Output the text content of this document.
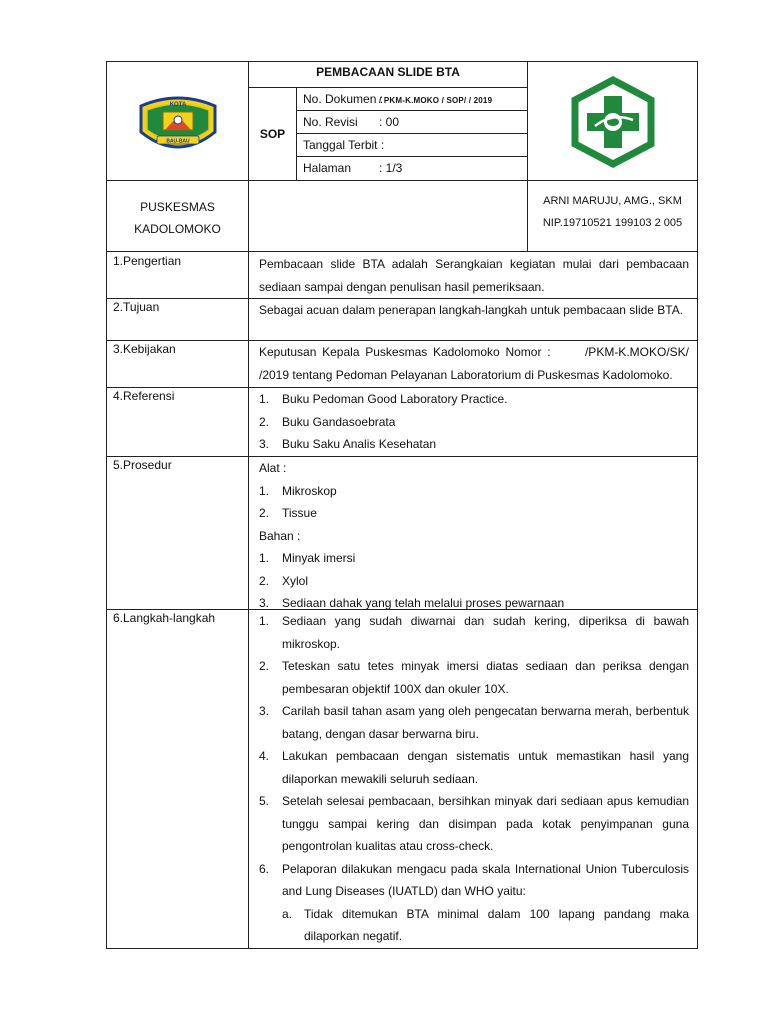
KOTA
BAU-BAU
PEMBACAAN SLIDE BTA
SOP
No. Dokumen :/ PKM-K.MOKO / SOP/ / 2019
No. Revisi : 00
Tanggal Terbit :
Halaman : 1/3
PUSKESMAS
KADOLOMOKO
ARNI MARUJU, AMG., SKM
NIP.19710521 199103 2 005
1.Pengertian	Pembacaan slide BTA adalah Serangkaian kegiatan mulai dari pembacaan sediaan sampai dengan penulisan hasil pemeriksaan.
2.Tujuan	Sebagai acuan dalam penerapan langkah-langkah untuk pembacaan slide BTA.
3.Kebijakan	Keputusan Kepala Puskesmas Kadolomoko Nomor :      /PKM-K.MOKO/SK/ /2019 tentang Pedoman Pelayanan Laboratorium di Puskesmas Kadolomoko.
4.Referensi	1. Buku Pedoman Good Laboratory Practice.
2. Buku Gandasoebrata
3. Buku Saku Analis Kesehatan
5.Prosedur	Alat :
1. Mikroskop
2. Tissue
Bahan :
1. Minyak imersi
2. Xylol
3. Sediaan dahak yang telah melalui proses pewarnaan
6.Langkah-langkah	1. Sediaan yang sudah diwarnai dan sudah kering, diperiksa di bawah mikroskop.
2. Teteskan satu tetes minyak imersi diatas sediaan dan periksa dengan pembesaran objektif 100X dan okuler 10X.
3. Carilah basil tahan asam yang oleh pengecatan berwarna merah, berbentuk batang, dengan dasar berwarna biru.
4. Lakukan pembacaan dengan sistematis untuk memastikan hasil yang dilaporkan mewakili seluruh sediaan.
5. Setelah selesai pembacaan, bersihkan minyak dari sediaan apus kemudian tunggu sampai kering dan disimpan pada kotak penyimpanan guna pengontrolan kualitas atau cross-check.
6. Pelaporan dilakukan mengacu pada skala International Union Tuberculosis and Lung Diseases (IUATLD) dan WHO yaitu:
a. Tidak ditemukan BTA minimal dalam 100 lapang pandang maka dilaporkan negatif.
